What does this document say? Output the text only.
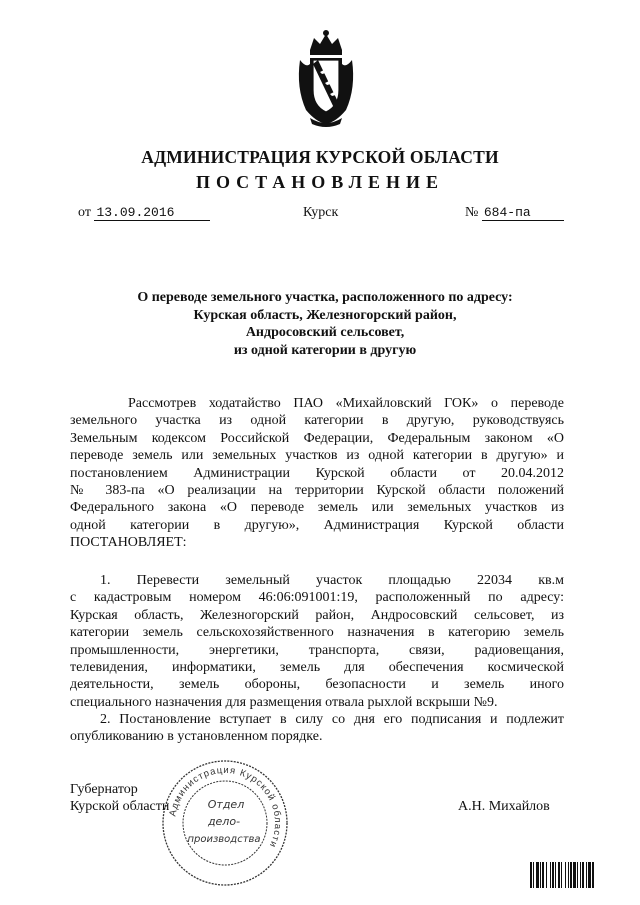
АДМИНИСТРАЦИЯ КУРСКОЙ ОБЛАСТИ
ПОСТАНОВЛЕНИЕ
от 13.09.2016	Курск	№ 684-па
О переводе земельного участка, расположенного по адресу:
Курская область, Железногорский район,
Андросовский сельсовет,
из одной категории в другую
Рассмотрев ходатайство ПАО «Михайловский ГОК» о переводе
земельного участка из одной категории в другую, руководствуясь
Земельным кодексом Российской Федерации, Федеральным законом «О
переводе земель или земельных участков из одной категории в другую» и
постановлением Администрации Курской области от 20.04.2012
№ 383-па «О реализации на территории Курской области положений
Федерального закона «О переводе земель или земельных участков из
одной категории в другую», Администрация Курской области
ПОСТАНОВЛЯЕТ:
1. Перевести земельный участок площадью 22034 кв.м
с кадастровым номером 46:06:091001:19, расположенный по адресу:
Курская область, Железногорский район, Андросовский сельсовет, из
категории земель сельскохозяйственного назначения в категорию земель
промышленности, энергетики, транспорта, связи, радиовещания,
телевидения, информатики, земель для обеспечения космической
деятельности, земель обороны, безопасности и земель иного
специального назначения для размещения отвала рыхлой вскрыши №9.
2. Постановление вступает в силу со дня его подписания и подлежит
опубликованию в установленном порядке.
Губернатор
Курской области	А.Н. Михайлов
Администрация Курской области
Отдел
дело-
производства
